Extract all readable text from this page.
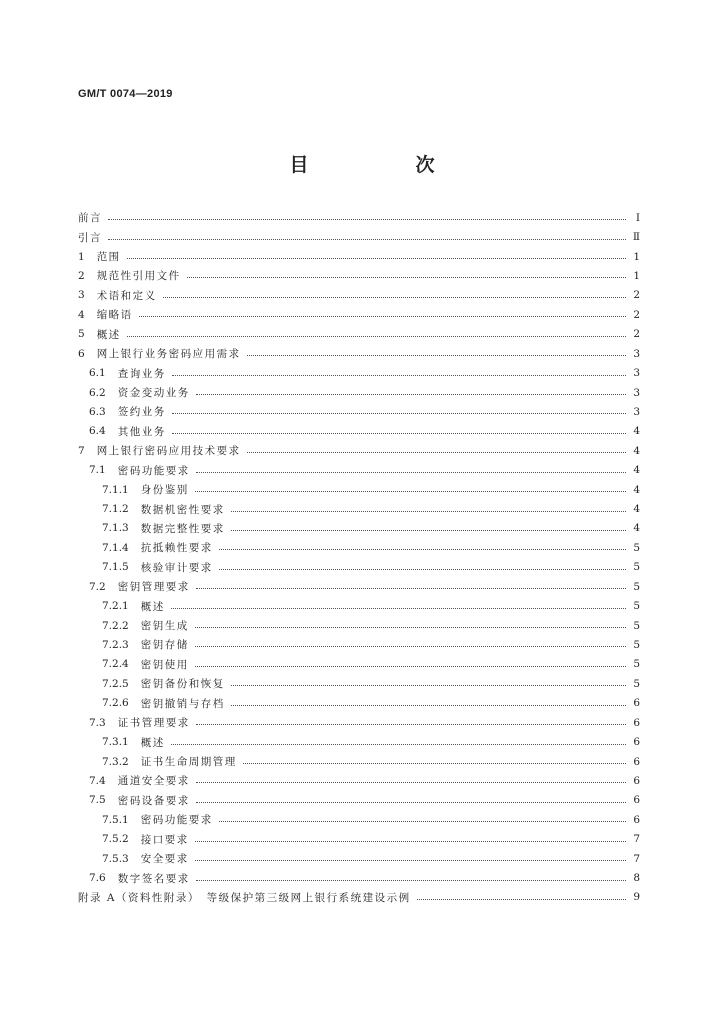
GM/T 0074—2019
目　次
前言	Ⅰ
引言	Ⅱ
1 范围	1
2 规范性引用文件	1
3 术语和定义	2
4 缩略语	2
5 概述	2
6 网上银行业务密码应用需求	3
6.1 查询业务	3
6.2 资金变动业务	3
6.3 签约业务	3
6.4 其他业务	4
7 网上银行密码应用技术要求	4
7.1 密码功能要求	4
7.1.1 身份鉴别	4
7.1.2 数据机密性要求	4
7.1.3 数据完整性要求	4
7.1.4 抗抵赖性要求	5
7.1.5 核验审计要求	5
7.2 密钥管理要求	5
7.2.1 概述	5
7.2.2 密钥生成	5
7.2.3 密钥存储	5
7.2.4 密钥使用	5
7.2.5 密钥备份和恢复	5
7.2.6 密钥撤销与存档	6
7.3 证书管理要求	6
7.3.1 概述	6
7.3.2 证书生命周期管理	6
7.4 通道安全要求	6
7.5 密码设备要求	6
7.5.1 密码功能要求	6
7.5.2 接口要求	7
7.5.3 安全要求	7
7.6 数字签名要求	8
附录 A（资料性附录）　等级保护第三级网上银行系统建设示例	9
